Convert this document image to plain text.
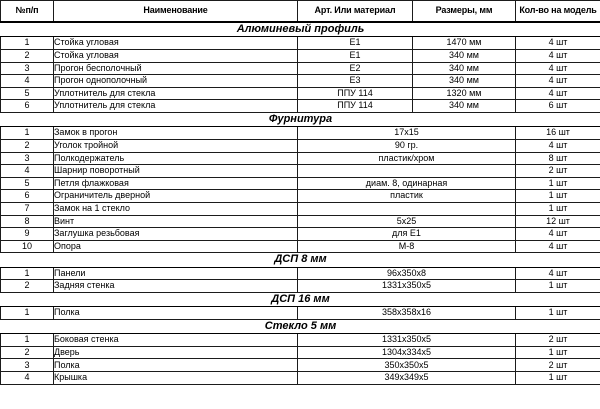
№п/п	Наименование	Арт. Или материал	Размеры, мм	Кол-во на модель
Алюминевый профиль				
1	Стойка угловая	Е1	1470 мм	4 шт
2	Стойка угловая	Е1	340 мм	4 шт
3	Прогон бесполочный	Е2	340 мм	4 шт
4	Прогон однополочный	Е3	340 мм	4 шт
5	Уплотнитель для стекла	ППУ 114	1320 мм	4 шт
6	Уплотнитель для стекла	ППУ 114	340 мм	6 шт
Фурнитура				
1	Замок в прогон	17х15		16 шт
2	Уголок тройной	90 гр.		4 шт
3	Полкодержатель	пластик/хром		8 шт
4	Шарнир поворотный			2 шт
5	Петля флажковая	диам. 8, одинарная		1 шт
6	Ограничитель дверной	пластик		1 шт
7	Замок на 1 стекло			1 шт
8	Винт	5х25		12 шт
9	Заглушка резьбовая	для Е1		4 шт
10	Опора	М-8		4 шт
ДСП 8 мм				
1	Панели	96х350х8		4 шт
2	Задняя стенка	1331х350х5		1 шт
ДСП 16 мм				
1	Полка	358х358х16		1 шт
Стекло 5 мм				
1	Боковая стенка	1331х350х5		2 шт
2	Дверь	1304х334х5		1 шт
3	Полка	350х350х5		2 шт
4	Крышка	349х349х5		1 шт
